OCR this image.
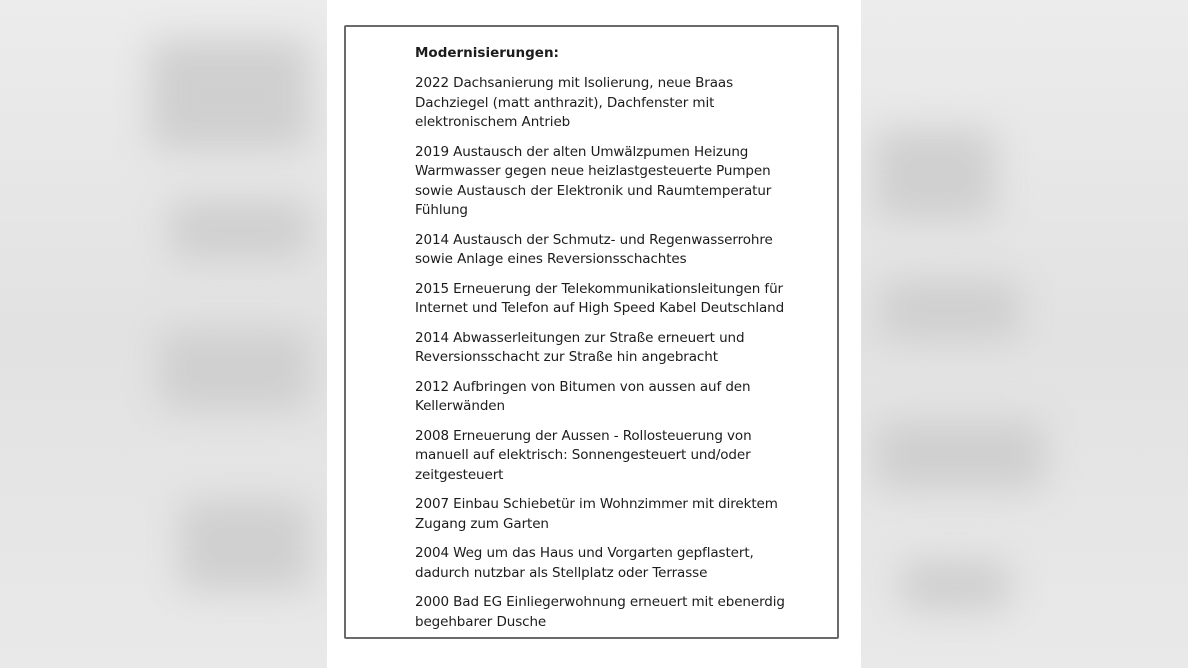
Modernisierungen:
2022 Dachsanierung mit Isolierung, neue Braas Dachziegel (matt anthrazit), Dachfenster mit elektronischem Antrieb
2019 Austausch der alten Umwälzpumen Heizung Warmwasser gegen neue heizlastgesteuerte Pumpen sowie Austausch der Elektronik und Raumtemperatur Fühlung
2014 Austausch der Schmutz- und Regenwasserrohre sowie Anlage eines Reversionsschachtes
2015 Erneuerung der Telekommunikationsleitungen für Internet und Telefon auf High Speed Kabel Deutschland
2014 Abwasserleitungen zur Straße erneuert und Reversionsschacht zur Straße hin angebracht
2012 Aufbringen von Bitumen von aussen auf den Kellerwänden
2008 Erneuerung der Aussen - Rollosteuerung von manuell auf elektrisch: Sonnengesteuert und/oder zeitgesteuert
2007 Einbau Schiebetür im Wohnzimmer mit direktem Zugang zum Garten
2004 Weg um das Haus und Vorgarten gepflastert, dadurch nutzbar als Stellplatz oder Terrasse
2000 Bad EG Einliegerwohnung erneuert mit ebenerdig begehbarer Dusche
